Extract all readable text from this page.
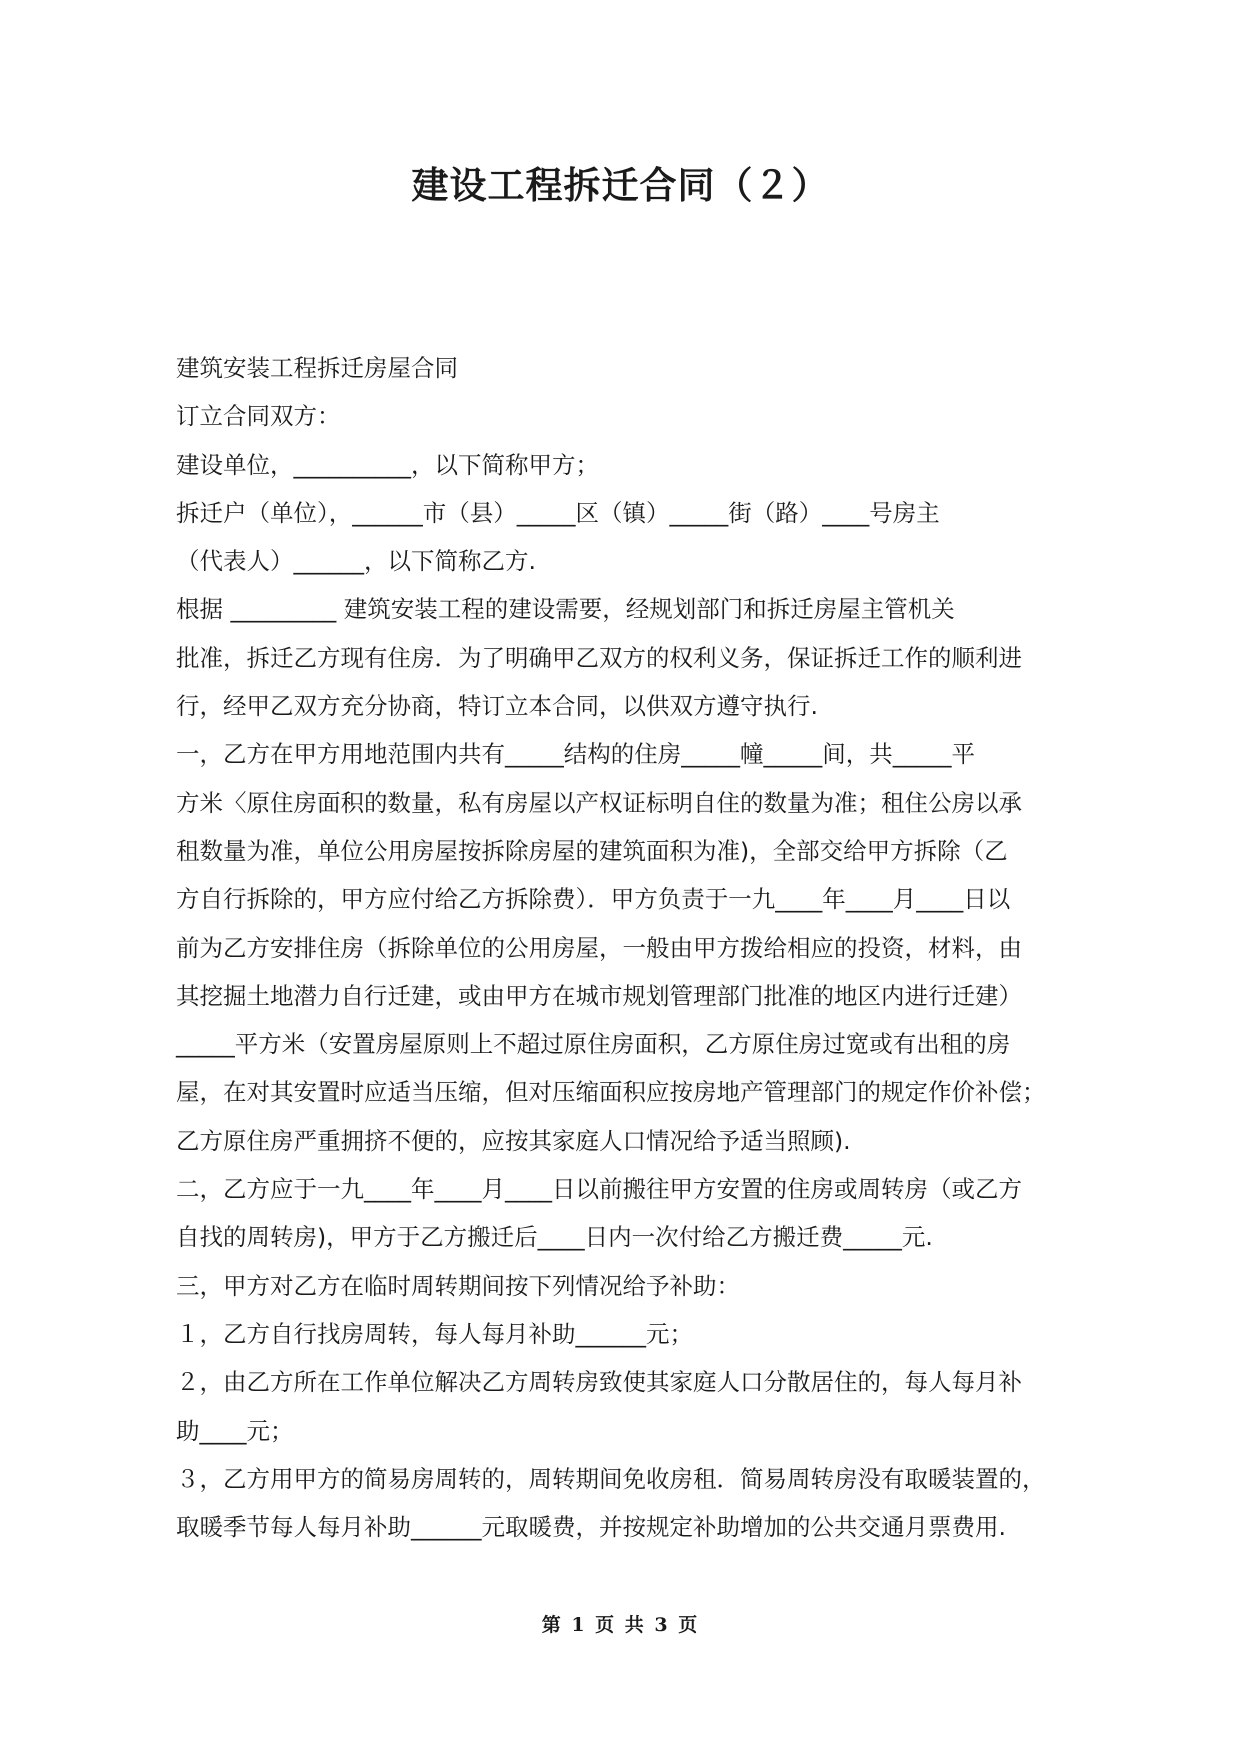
建设工程拆迁合同（２）
建筑安装工程拆迁房屋合同
订立合同双方：
建设单位，__________，以下简称甲方；
拆迁户（单位），______市（县）_____区（镇）_____街（路）____号房主
（代表人）______，以下简称乙方.
根据 _________ 建筑安装工程的建设需要，经规划部门和拆迁房屋主管机关
批准，拆迁乙方现有住房．为了明确甲乙双方的权利义务，保证拆迁工作的顺利进
行，经甲乙双方充分协商，特订立本合同，以供双方遵守执行.
一，乙方在甲方用地范围内共有_____结构的住房_____幢_____间，共_____平
方米〈原住房面积的数量，私有房屋以产权证标明自住的数量为准；租住公房以承
租数量为准，单位公用房屋按拆除房屋的建筑面积为准)，全部交给甲方拆除（乙
方自行拆除的，甲方应付给乙方拆除费）．甲方负责于一九____年____月____日以
前为乙方安排住房（拆除单位的公用房屋，一般由甲方拨给相应的投资，材料，由
其挖掘土地潜力自行迁建，或由甲方在城市规划管理部门批准的地区内进行迁建）
_____平方米（安置房屋原则上不超过原住房面积，乙方原住房过宽或有出租的房
屋，在对其安置时应适当压缩，但对压缩面积应按房地产管理部门的规定作价补偿；
乙方原住房严重拥挤不便的，应按其家庭人口情况给予适当照顾).
二，乙方应于一九____年____月____日以前搬往甲方安置的住房或周转房（或乙方
自找的周转房)，甲方于乙方搬迁后____日内一次付给乙方搬迁费_____元.
三，甲方对乙方在临时周转期间按下列情况给予补助：
１，乙方自行找房周转，每人每月补助______元；
２，由乙方所在工作单位解决乙方周转房致使其家庭人口分散居住的，每人每月补
助____元；
３，乙方用甲方的简易房周转的，周转期间免收房租．简易周转房没有取暖装置的，
取暖季节每人每月补助______元取暖费，并按规定补助增加的公共交通月票费用.
第 1 页 共 3 页
